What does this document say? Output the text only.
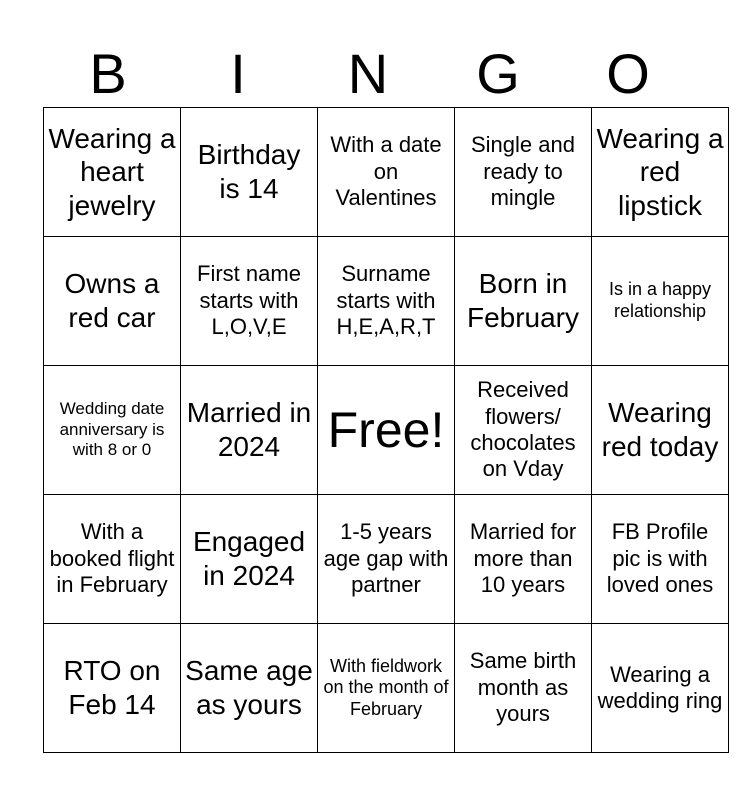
B	I	N	G	O
Wearing a heart jewelry	Birthday is 14	With a date on Valentines	Single and ready to mingle	Wearing a red lipstick
Owns a red car	First name starts with L,O,V,E	Surname starts with H,E,A,R,T	Born in February	Is in a happy relationship
Wedding date anniversary is with 8 or 0	Married in 2024	Free!	Received flowers/ chocolates on Vday	Wearing red today
With a booked flight in February	Engaged in 2024	1-5 years age gap with partner	Married for more than 10 years	FB Profile pic is with loved ones
RTO on Feb 14	Same age as yours	With fieldwork on the month of February	Same birth month as yours	Wearing a wedding ring
